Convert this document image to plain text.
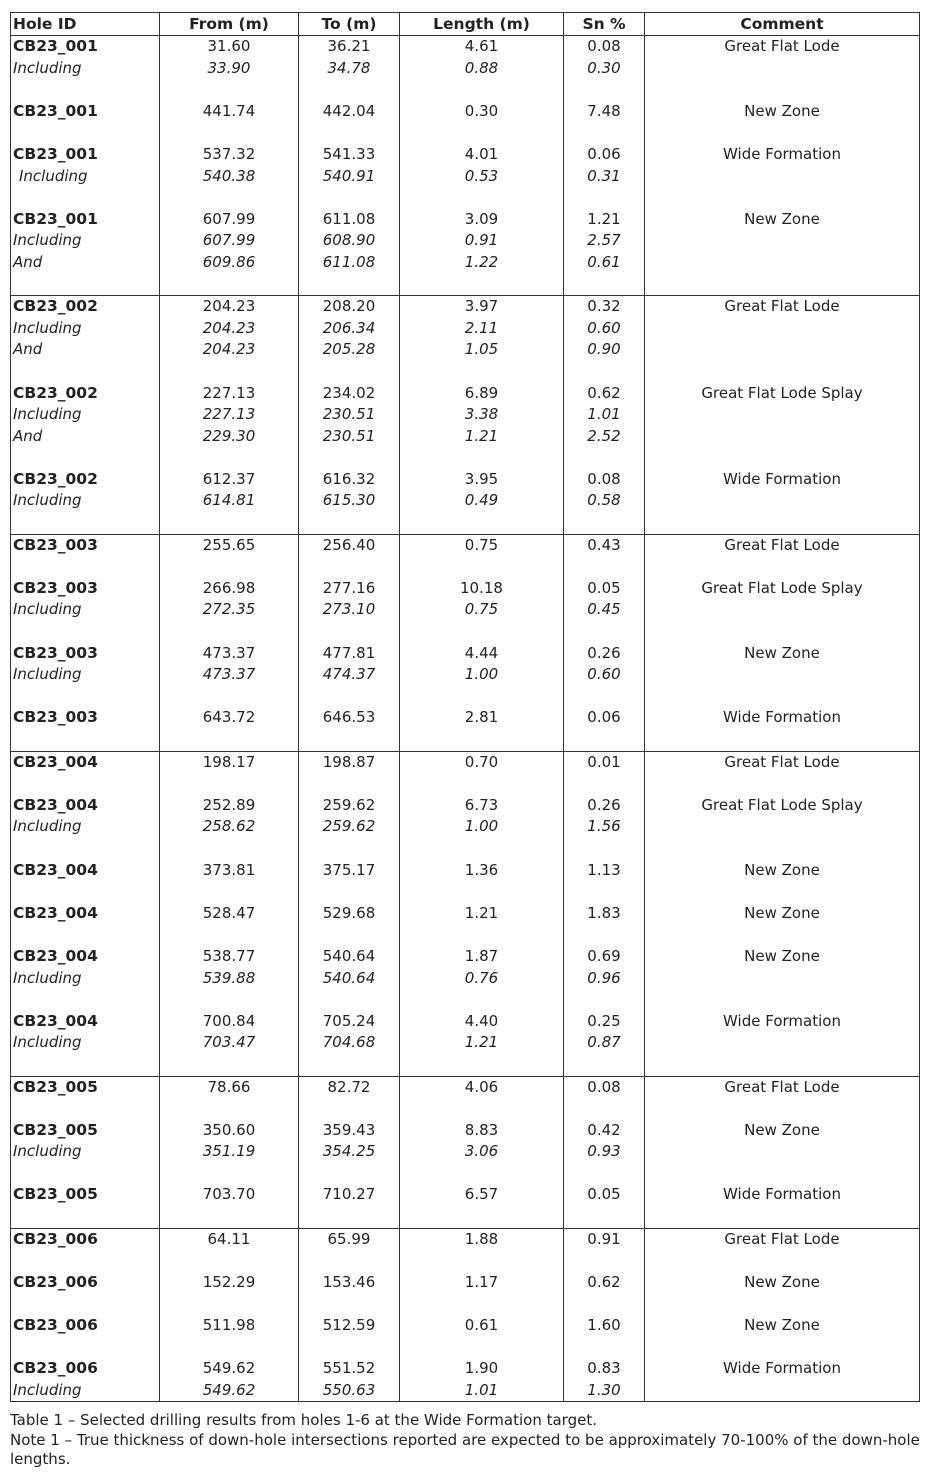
Hole ID	From (m)	To (m)	Length (m)	Sn %	Comment
CB23_001	31.60	36.21	4.61	0.08	Great Flat Lode
Including	33.90	34.78	0.88	0.30	

CB23_001	441.74	442.04	0.30	7.48	New Zone

CB23_001	537.32	541.33	4.01	0.06	Wide Formation
Including	540.38	540.91	0.53	0.31	

CB23_001	607.99	611.08	3.09	1.21	New Zone
Including	607.99	608.90	0.91	2.57	
And	609.86	611.08	1.22	0.61	

CB23_002	204.23	208.20	3.97	0.32	Great Flat Lode
Including	204.23	206.34	2.11	0.60	
And	204.23	205.28	1.05	0.90	

CB23_002	227.13	234.02	6.89	0.62	Great Flat Lode Splay
Including	227.13	230.51	3.38	1.01	
And	229.30	230.51	1.21	2.52	

CB23_002	612.37	616.32	3.95	0.08	Wide Formation
Including	614.81	615.30	0.49	0.58	

CB23_003	255.65	256.40	0.75	0.43	Great Flat Lode

CB23_003	266.98	277.16	10.18	0.05	Great Flat Lode Splay
Including	272.35	273.10	0.75	0.45	

CB23_003	473.37	477.81	4.44	0.26	New Zone
Including	473.37	474.37	1.00	0.60	

CB23_003	643.72	646.53	2.81	0.06	Wide Formation

CB23_004	198.17	198.87	0.70	0.01	Great Flat Lode

CB23_004	252.89	259.62	6.73	0.26	Great Flat Lode Splay
Including	258.62	259.62	1.00	1.56	

CB23_004	373.81	375.17	1.36	1.13	New Zone

CB23_004	528.47	529.68	1.21	1.83	New Zone

CB23_004	538.77	540.64	1.87	0.69	New Zone
Including	539.88	540.64	0.76	0.96	

CB23_004	700.84	705.24	4.40	0.25	Wide Formation
Including	703.47	704.68	1.21	0.87	

CB23_005	78.66	82.72	4.06	0.08	Great Flat Lode

CB23_005	350.60	359.43	8.83	0.42	New Zone
Including	351.19	354.25	3.06	0.93	

CB23_005	703.70	710.27	6.57	0.05	Wide Formation

CB23_006	64.11	65.99	1.88	0.91	Great Flat Lode

CB23_006	152.29	153.46	1.17	0.62	New Zone

CB23_006	511.98	512.59	0.61	1.60	New Zone

CB23_006	549.62	551.52	1.90	0.83	Wide Formation
Including	549.62	550.63	1.01	1.30	

Table 1 – Selected drilling results from holes 1-6 at the Wide Formation target.

Note 1 – True thickness of down-hole intersections reported are expected to be approximately 70-100% of the down-hole lengths.
